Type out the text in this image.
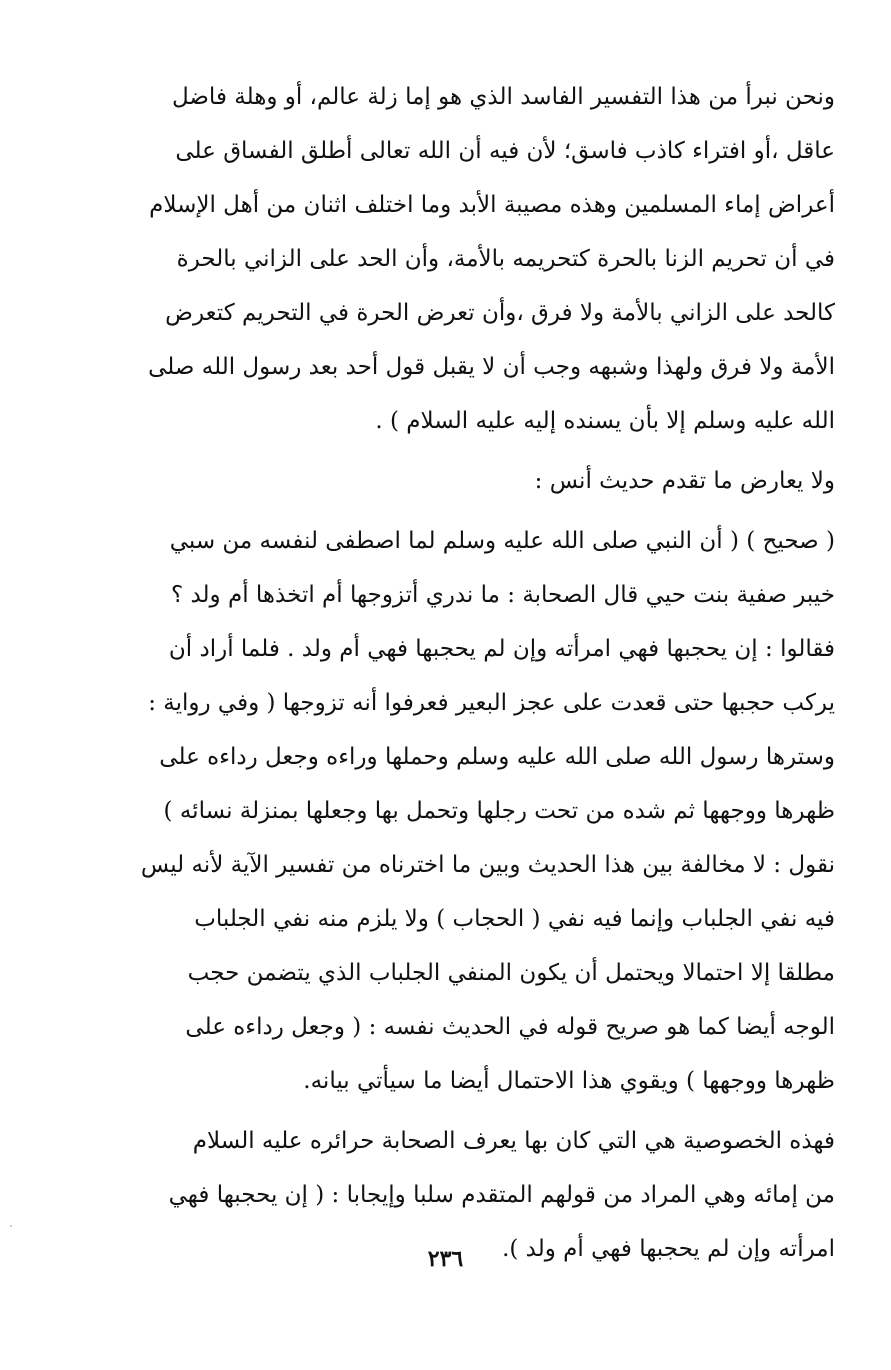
ونحن نبرأ من هذا التفسير الفاسد الذي هو إما زلة عالم، أو وهلة فاضل
عاقل ،أو افتراء كاذب فاسق؛ لأن فيه أن الله تعالى أطلق الفساق على
أعراض إماء المسلمين وهذه مصيبة الأبد وما اختلف اثنان من أهل الإسلام
في أن تحريم الزنا بالحرة كتحريمه بالأمة، وأن الحد على الزاني بالحرة
كالحد على الزاني بالأمة ولا فرق ،وأن تعرض الحرة في التحريم كتعرض
الأمة ولا فرق ولهذا وشبهه وجب أن لا يقبل قول أحد بعد رسول الله صلى
الله عليه وسلم إلا بأن يسنده إليه عليه السلام ) .
ولا يعارض ما تقدم حديث أنس :
( صحيح ) ( أن النبي صلى الله عليه وسلم لما اصطفى لنفسه من سبي
خيبر صفية بنت حيي قال الصحابة : ما ندري أتزوجها أم اتخذها أم ولد ؟
فقالوا : إن يحجبها فهي امرأته وإن لم يحجبها فهي أم ولد . فلما أراد أن
يركب حجبها حتى قعدت على عجز البعير فعرفوا أنه تزوجها ( وفي رواية :
وسترها رسول الله صلى الله عليه وسلم وحملها وراءه وجعل رداءه على
ظهرها ووجهها ثم شده من تحت رجلها وتحمل بها وجعلها بمنزلة نسائه )
نقول : لا مخالفة بين هذا الحديث وبين ما اخترناه من تفسير الآية لأنه ليس
فيه نفي الجلباب وإنما فيه نفي ( الحجاب ) ولا يلزم منه نفي الجلباب
مطلقا إلا احتمالا ويحتمل أن يكون المنفي الجلباب الذي يتضمن حجب
الوجه أيضا كما هو صريح قوله في الحديث نفسه : ( وجعل رداءه على
ظهرها ووجهها ) ويقوي هذا الاحتمال أيضا ما سيأتي بيانه.
فهذه الخصوصية هي التي كان بها يعرف الصحابة حرائره عليه السلام
من إمائه وهي المراد من قولهم المتقدم سلبا وإيجابا : ( إن يحجبها فهي
امرأته وإن لم يحجبها فهي أم ولد ).
٢٣٦
